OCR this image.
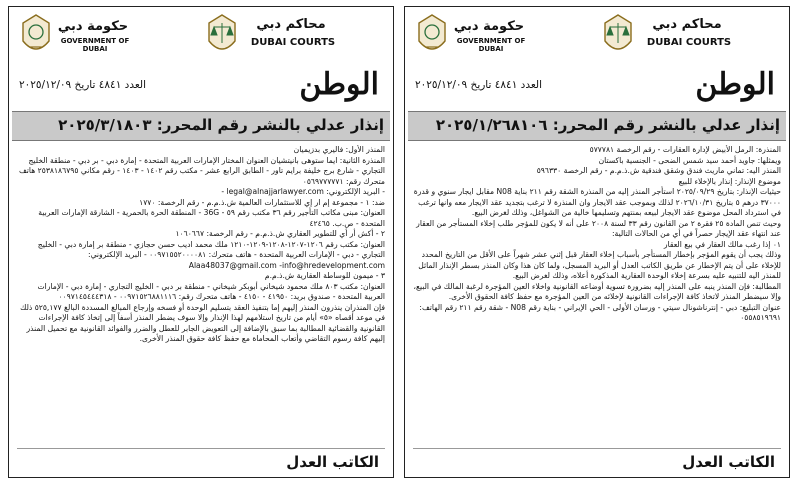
حكومة دبي
GOVERNMENT OF DUBAI
محاكم دبي
DUBAI COURTS
العدد ٤٨٤١ تاريخ ٢٠٢٥/١٢/٠٩	الوطن
إنذار عدلي بالنشر رقم المحرر: ٢٠٢٥/١/٢٦٨١٠٦

المنذرة: الرمل الأبيض لإدارة العقارات - رقم الرخصة ٥٧٧٧٨١

ويمثلها: جاويد أحمد سيد شمس الضحى - الجنسية باكستان

المنذر اليه: تماني ماريث فندق وشقق فندقية ش.ذ.م.م - رقم الرخصة ٥٩٦٣٣٠

موضوع الإنذار: إنذار بالإخلاء للبيع

حيثيات الإنذار: بتاريخ ٢٠٢٥/٠٩/٢٩ استأجر المنذر إليه من المنذرة الشقة رقم ٢١١ بناية N08 مقابل ايجار سنوي و قدرة ٣٧٠٠٠ درهم ٥ بتاريخ ٢٠٢٦/١٠/٣١ لذلك وبموجب عقد الايجار وان المنذرة لا ترغب بتجديد عقد الايجار معه وانها ترغب في استرداد المحل موضوع عقد الايجار لبيعه بمنتهم وتسليمها خالية من الشواغل، وذلك لغرض البيع.

وحيث تنص المادة ٢٥ فقرة ٢ من القانون رقم ٣٣ لسنة ٢٠٠٨ على أنه لا يكون للمؤجر طلب إخلاء المستأجر من العقار عند انتهاء عقد الإيجار حصراً في أي من الحالات التالية:

٠١ إذا رغب مالك العقار في بيع العقار

وذلك يجب أن يقوم المؤجر بإخطار المستأجر بأسباب إخلاء العقار قبل إثني عشر شهراً على الأقل من التاريخ المحدد للإخلاء على أن يتم الإخطار عن طريق الكاتب العدل أو البريد المسجل، ولما كان هذا وكان المنذر بسطر الإنذار الماثل للمنذر اليه للتنبيه عليه بسرعة إخلاء الوحدة العقارية المذكورة أعلاه، وذلك لغرض البيع.

المطالبة: فإن المنذر ينبه على المنذر إليه بضرورة تسوية أوضاعه القانونية واخلاء العين المؤجرة لرغبة المالك في البيع، وإلا سيضطر المنذر لاتخاذ كافة الإجراءات القانونية لإخلائه من العين المؤجرة مع حفظ كافة الحقوق الأخرى.

عنوان التبليغ: دبي - إنترناشونال سيتي - ورسان الأولى - الحي الإيراني - بناية رقم N08 - شقة رقم ٢١١ رقم الهاتف: ٠٥٥٨٥١٩٦٩١

الكاتب العدل
حكومة دبي
GOVERNMENT OF DUBAI
محاكم دبي
DUBAI COURTS
العدد ٤٨٤١ تاريخ ٢٠٢٥/١٢/٠٩	الوطن
إنذار عدلي بالنشر رقم المحرر: ٢٠٢٥/٣/١٨٠٣

المنذر الأول: فاليري بدزيميان

المنذرة الثانية: ايما ستوهى بانيتشيان العنوان المختار الإمارات العربية المتحدة - إمارة دبي - بر دبي - منطقة الخليج التجاري - شارع برج خليفة برايم تاور - الطابق الرابع عشر - مكتب رقم ١٤٠٢ - ١٤٠٣ - رقم مكاني ٢٥٣٨١٨٦٧٩٥ هاتف متحرك رقم: ٠٥٦٩٧٧٧٧٧١

- البريد الإلكتروني: legal@alnajjarlawyer.com -

ضد: ١ - مجموعة إم ار إي للاستثمارات العالمية ش.ذ.م.م - رقم الرخصة: ١٧٧٠

العنوان: مبنى مكاتب التأجير رقم ٣٦ مكتب رقم ٥٩ - 36G - المنطقة الحرة بالحمرية - الشارقة الإمارات العربية المتحدة - ص.ب. ٤٢٤٦٥

٢ - أكش أر أي للتطوير العقاري ش.ذ.م.م - رقم الرخصة: ١٠٦٠٦٦٧

العنوان: مكتب رقم ١٢٠٦-١٢٠٧-١٢٠٨-١٢٠٩-١٢١٠ ملك محمد اديب حسن حجازي - منطقة بر إمارة دبي - الخليج التجاري - دبي - الإمارات العربية المتحدة - هاتف متحرك: ٠٠٩٧١٥٥٢٠٠٠٠٨١ - البريد الإلكتروني: Alaa48037@gmail.com -info@hredevelopment.com

٣ - ميمون للوساطة العقارية ش.ذ.م.م

العنوان: مكتب ٨٠٣ ملك محمود شيخاني أبوبكر شيخاني - منطقة بر دبي - الخليج التجاري - إمارة دبي - الإمارات العربية المتحدة - صندوق بريد: ٤١٩٥٠ - ٤١٥٠ - هاتف متحرك رقم: ٠٠٩٧١٥٢٦٨٨١١١٦ - ٠٠٩٧١٤٥٤٤٤٣١٨

فإن المنذران ينذرون المنذر إليهم إما بتنفيذ العقد بتسليم الوحدة أو فسخه وإرجاع المبالغ المسددة البالغ ٥٢٥,١٧٧ ذلك في موعد أقصاه «٥» أيام من تاريخ استلامهم لهذا الإنذار وإلا سوف يضطر المنذر أسفاً إلى إتخاذ كافة الإجراءات القانونية والقضائية المطالبة بما سبق بالإضافة إلى التعويض الجابر للعطل والضرر والفوائد القانونية مع تحميل المنذر إليهم كافة رسوم التقاضي وأتعاب المحاماة مع حفظ كافة حقوق المنذر الأخرى.

الكاتب العدل
